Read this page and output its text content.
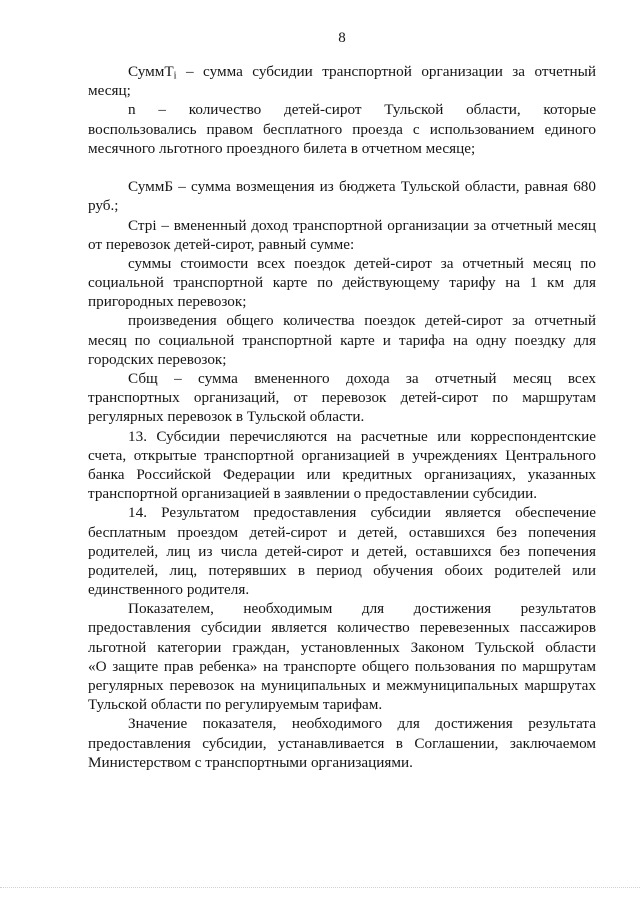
8
СуммТ$_i$ – сумма субсидии транспортной организации за отчетный
месяц;
n – количество детей-сирот Тульской области, которые
воспользовались правом бесплатного проезда с использованием единого
месячного льготного проездного билета в отчетном месяце;
СуммБ – сумма возмещения из бюджета Тульской области, равная 680
руб.;
Стрi – вмененный доход транспортной организации за отчетный месяц
от перевозок детей-сирот, равный сумме:
суммы стоимости всех поездок детей-сирот за отчетный месяц по
социальной транспортной карте по действующему тарифу на 1 км для
пригородных перевозок;
произведения общего количества поездок детей-сирот за отчетный
месяц по социальной транспортной карте и тарифа на одну поездку для
городских перевозок;
Сбщ – сумма вмененного дохода за отчетный месяц всех
транспортных организаций, от перевозок детей-сирот по маршрутам
регулярных перевозок в Тульской области.
13. Субсидии перечисляются на расчетные или корреспондентские
счета, открытые транспортной организацией в учреждениях Центрального
банка Российской Федерации или кредитных организациях, указанных
транспортной организацией в заявлении о предоставлении субсидии.
14. Результатом предоставления субсидии является обеспечение
бесплатным проездом детей-сирот и детей, оставшихся без попечения
родителей, лиц из числа детей-сирот и детей, оставшихся без попечения
родителей, лиц, потерявших в период обучения обоих родителей или
единственного родителя.
Показателем, необходимым для достижения результатов
предоставления субсидии является количество перевезенных пассажиров
льготной категории граждан, установленных Законом Тульской области
«О защите прав ребенка» на транспорте общего пользования по маршрутам
регулярных перевозок на муниципальных и межмуниципальных маршрутах
Тульской области по регулируемым тарифам.
Значение показателя, необходимого для достижения результата
предоставления субсидии, устанавливается в Соглашении, заключаемом
Министерством с транспортными организациями.
